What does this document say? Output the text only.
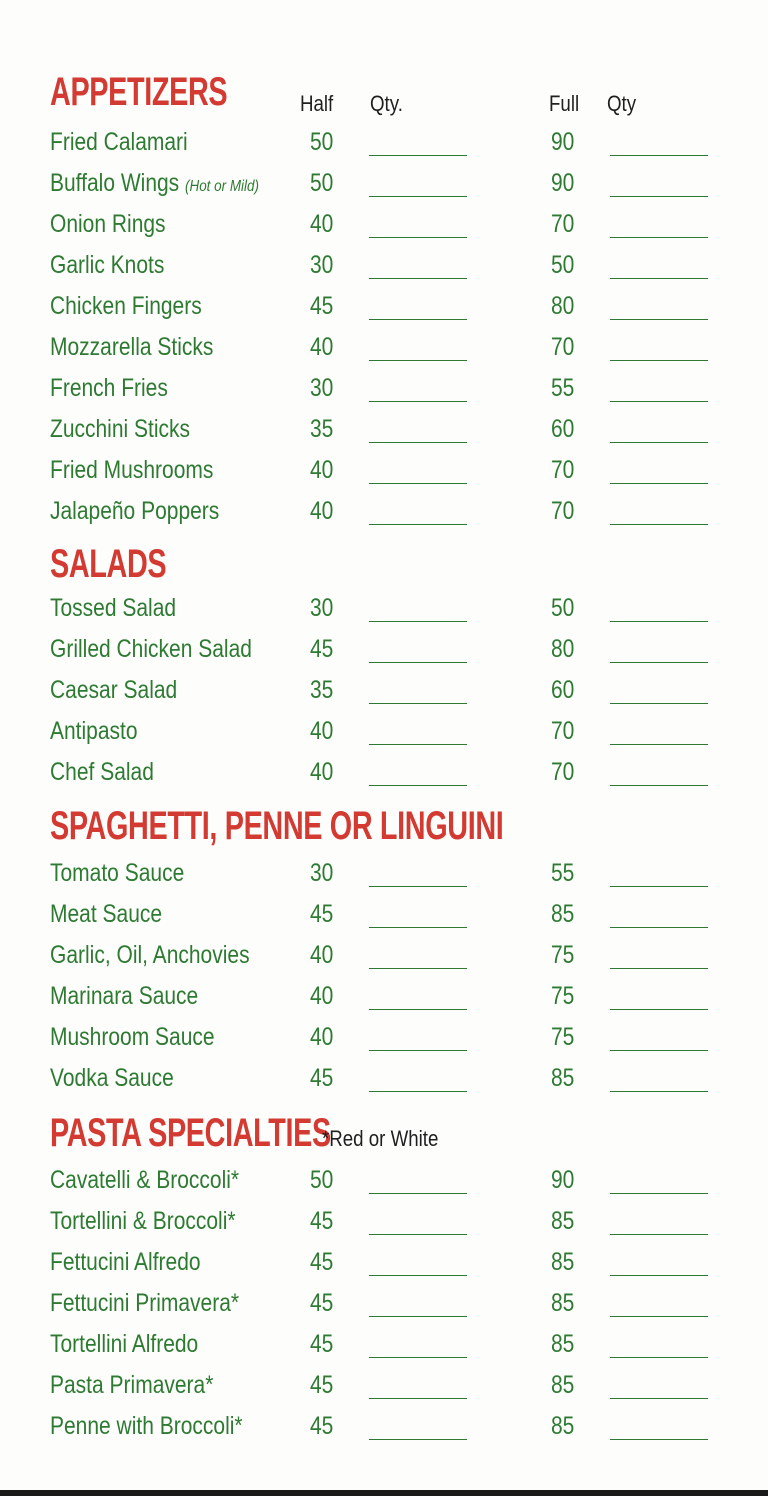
APPETIZERS	Half Qty.	Full Qty
Fried Calamari	50	90
Buffalo Wings (Hot or Mild) 50	90
Onion Rings	40	70
Garlic Knots	30	50
Chicken Fingers	45	80
Mozzarella Sticks	40	70
French Fries	30	55
Zucchini Sticks	35	60
Fried Mushrooms	40	70
Jalapeño Poppers	40	70
SALADS
Tossed Salad	30	50
Grilled Chicken Salad 45	80
Caesar Salad	35	60
Antipasto	40	70
Chef Salad	40	70
SPAGHETTI, PENNE OR LINGUINI
Tomato Sauce	30	55
Meat Sauce	45	85
Garlic, Oil, Anchovies 40	75
Marinara Sauce	40	75
Mushroom Sauce	40	75
Vodka Sauce	45	85
PASTA SPECIALTIES
*Red or White
Cavatelli & Broccoli*	50	90
Tortellini & Broccoli*	45	85
Fettucini Alfredo	45	85
Fettucini Primavera*	45	85
Tortellini Alfredo	45	85
Pasta Primavera*	45	85
Penne with Broccoli*	45	85
